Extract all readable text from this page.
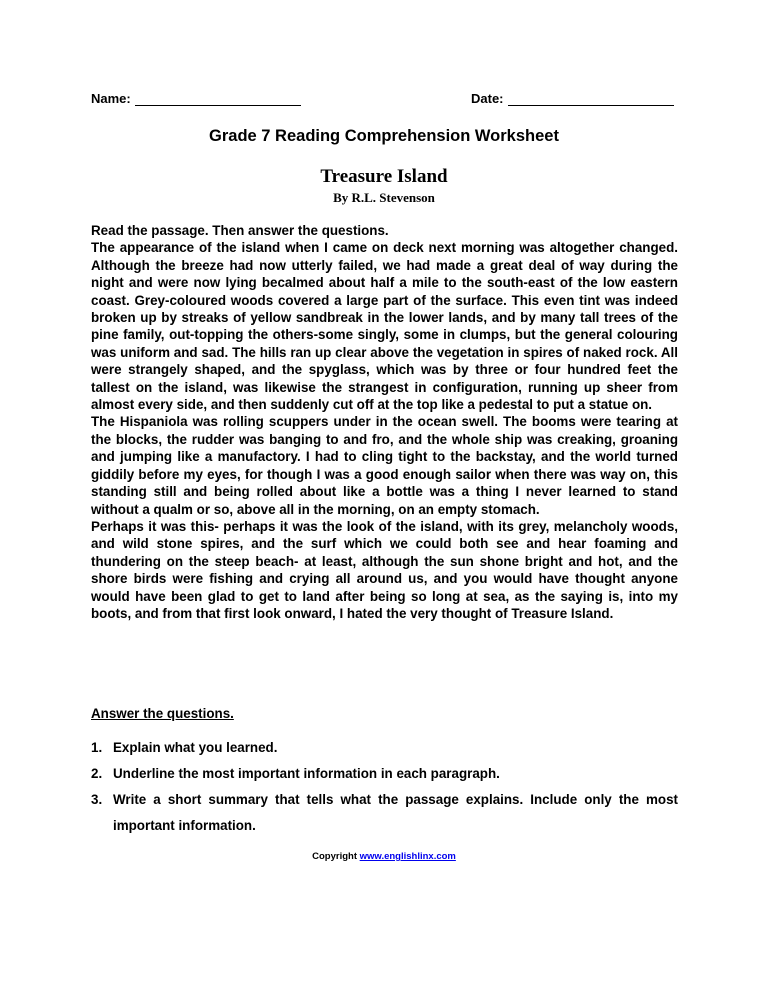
Name:	Date:
Grade 7 Reading Comprehension Worksheet
Treasure Island
By R.L. Stevenson

Read the passage. Then answer the questions.

The appearance of the island when I came on deck next morning was altogether changed. Although the breeze had now utterly failed, we had made a great deal of way during the night and were now lying becalmed about half a mile to the south-east of the low eastern coast. Grey-coloured woods covered a large part of the surface. This even tint was indeed broken up by streaks of yellow sandbreak in the lower lands, and by many tall trees of the pine family, out-topping the others-some singly, some in clumps, but the general colouring was uniform and sad. The hills ran up clear above the vegetation in spires of naked rock. All were strangely shaped, and the spyglass, which was by three or four hundred feet the tallest on the island, was likewise the strangest in configuration, running up sheer from almost every side, and then suddenly cut off at the top like a pedestal to put a statue on.

The Hispaniola was rolling scuppers under in the ocean swell. The booms were tearing at the blocks, the rudder was banging to and fro, and the whole ship was creaking, groaning and jumping like a manufactory. I had to cling tight to the backstay, and the world turned giddily before my eyes, for though I was a good enough sailor when there was way on, this standing still and being rolled about like a bottle was a thing I never learned to stand without a qualm or so, above all in the morning, on an empty stomach.

Perhaps it was this- perhaps it was the look of the island, with its grey, melancholy woods, and wild stone spires, and the surf which we could both see and hear foaming and thundering on the steep beach- at least, although the sun shone bright and hot, and the shore birds were fishing and crying all around us, and you would have thought anyone would have been glad to get to land after being so long at sea, as the saying is, into my boots, and from that first look onward, I hated the very thought of Treasure Island.

Answer the questions.
1. Explain what you learned.
2. Underline the most important information in each paragraph.
3. Write a short summary that tells what the passage explains. Include only the most important information.
Copyright www.englishlinx.com
